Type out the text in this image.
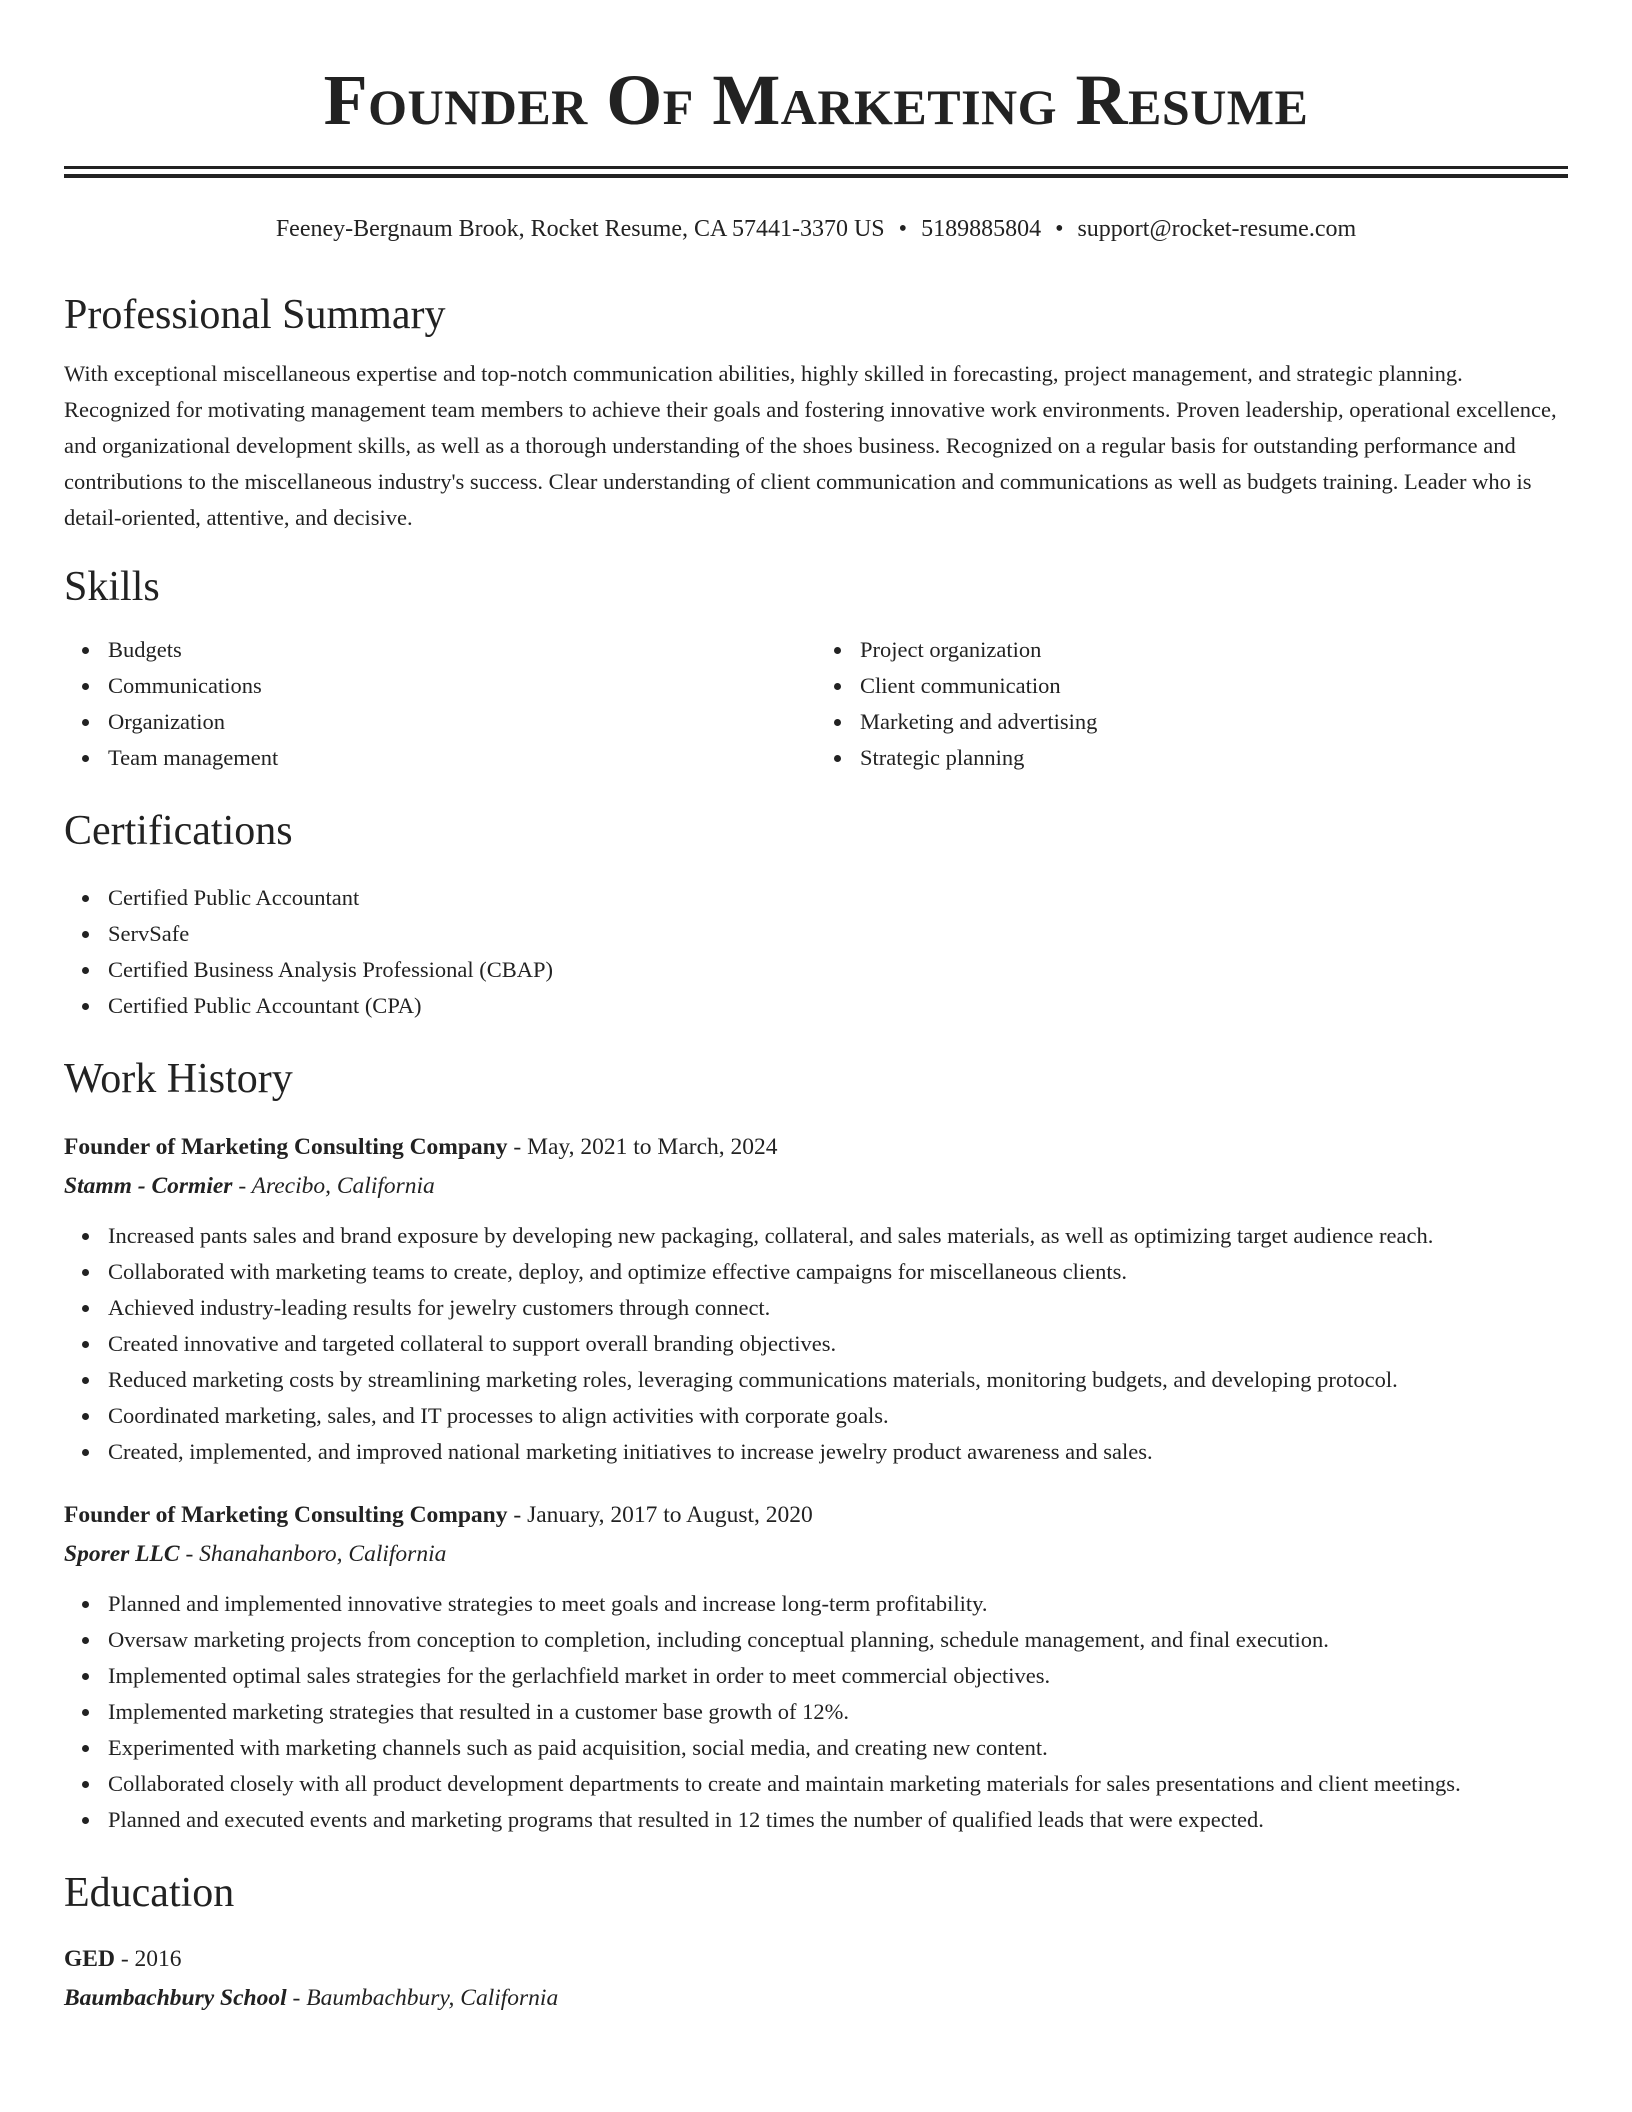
Founder Of Marketing Resume
Feeney-Bergnaum Brook, Rocket Resume, CA 57441-3370 US • 5189885804 • support@rocket-resume.com
Professional Summary

With exceptional miscellaneous expertise and top-notch communication abilities, highly skilled in forecasting, project management, and strategic planning. Recognized for motivating management team members to achieve their goals and fostering innovative work environments. Proven leadership, operational excellence, and organizational development skills, as well as a thorough understanding of the shoes business. Recognized on a regular basis for outstanding performance and contributions to the miscellaneous industry's success. Clear understanding of client communication and communications as well as budgets training. Leader who is detail-oriented, attentive, and decisive.

Skills
Budgets
Communications
Organization
Team management
Project organization
Client communication
Marketing and advertising
Strategic planning
Certifications
Certified Public Accountant
ServSafe
Certified Business Analysis Professional (CBAP)
Certified Public Accountant (CPA)
Work History
Founder of Marketing Consulting Company - May, 2021 to March, 2024
Stamm - Cormier - Arecibo, California
Increased pants sales and brand exposure by developing new packaging, collateral, and sales materials, as well as optimizing target audience reach.
Collaborated with marketing teams to create, deploy, and optimize effective campaigns for miscellaneous clients.
Achieved industry-leading results for jewelry customers through connect.
Created innovative and targeted collateral to support overall branding objectives.
Reduced marketing costs by streamlining marketing roles, leveraging communications materials, monitoring budgets, and developing protocol.
Coordinated marketing, sales, and IT processes to align activities with corporate goals.
Created, implemented, and improved national marketing initiatives to increase jewelry product awareness and sales.
Founder of Marketing Consulting Company - January, 2017 to August, 2020
Sporer LLC - Shanahanboro, California
Planned and implemented innovative strategies to meet goals and increase long-term profitability.
Oversaw marketing projects from conception to completion, including conceptual planning, schedule management, and final execution.
Implemented optimal sales strategies for the gerlachfield market in order to meet commercial objectives.
Implemented marketing strategies that resulted in a customer base growth of 12%.
Experimented with marketing channels such as paid acquisition, social media, and creating new content.
Collaborated closely with all product development departments to create and maintain marketing materials for sales presentations and client meetings.
Planned and executed events and marketing programs that resulted in 12 times the number of qualified leads that were expected.
Education
GED - 2016
Baumbachbury School - Baumbachbury, California
